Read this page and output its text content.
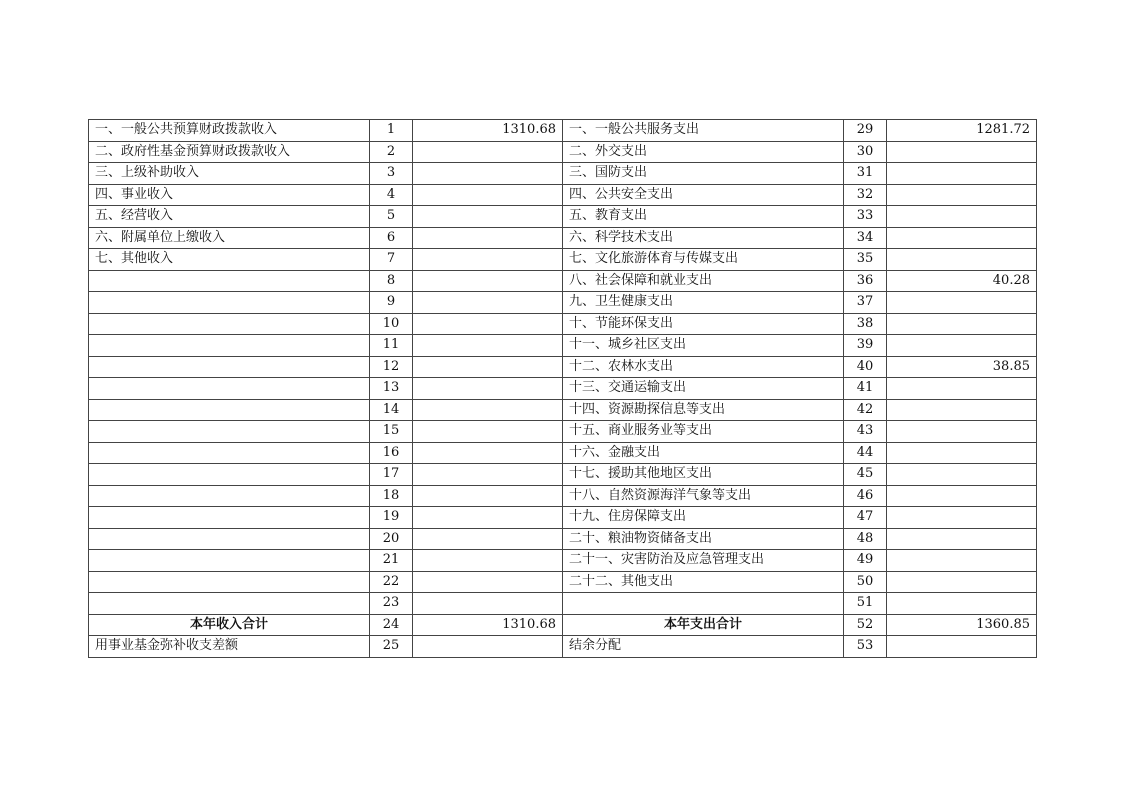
一、一般公共预算财政拨款收入	1	1310.68	一、一般公共服务支出	29	1281.72
二、政府性基金预算财政拨款收入	2		二、外交支出	30	
三、上级补助收入	3		三、国防支出	31	
四、事业收入	4		四、公共安全支出	32	
五、经营收入	5		五、教育支出	33	
六、附属单位上缴收入	6		六、科学技术支出	34	
七、其他收入	7		七、文化旅游体育与传媒支出	35	
	8		八、社会保障和就业支出	36	40.28
	9		九、卫生健康支出	37	
	10		十、节能环保支出	38	
	11		十一、城乡社区支出	39	
	12		十二、农林水支出	40	38.85
	13		十三、交通运输支出	41	
	14		十四、资源勘探信息等支出	42	
	15		十五、商业服务业等支出	43	
	16		十六、金融支出	44	
	17		十七、援助其他地区支出	45	
	18		十八、自然资源海洋气象等支出	46	
	19		十九、住房保障支出	47	
	20		二十、粮油物资储备支出	48	
	21		二十一、灾害防治及应急管理支出	49	
	22		二十二、其他支出	50	
	23			51	
本年收入合计	24	1310.68	本年支出合计	52	1360.85
用事业基金弥补收支差额	25		结余分配	53	
